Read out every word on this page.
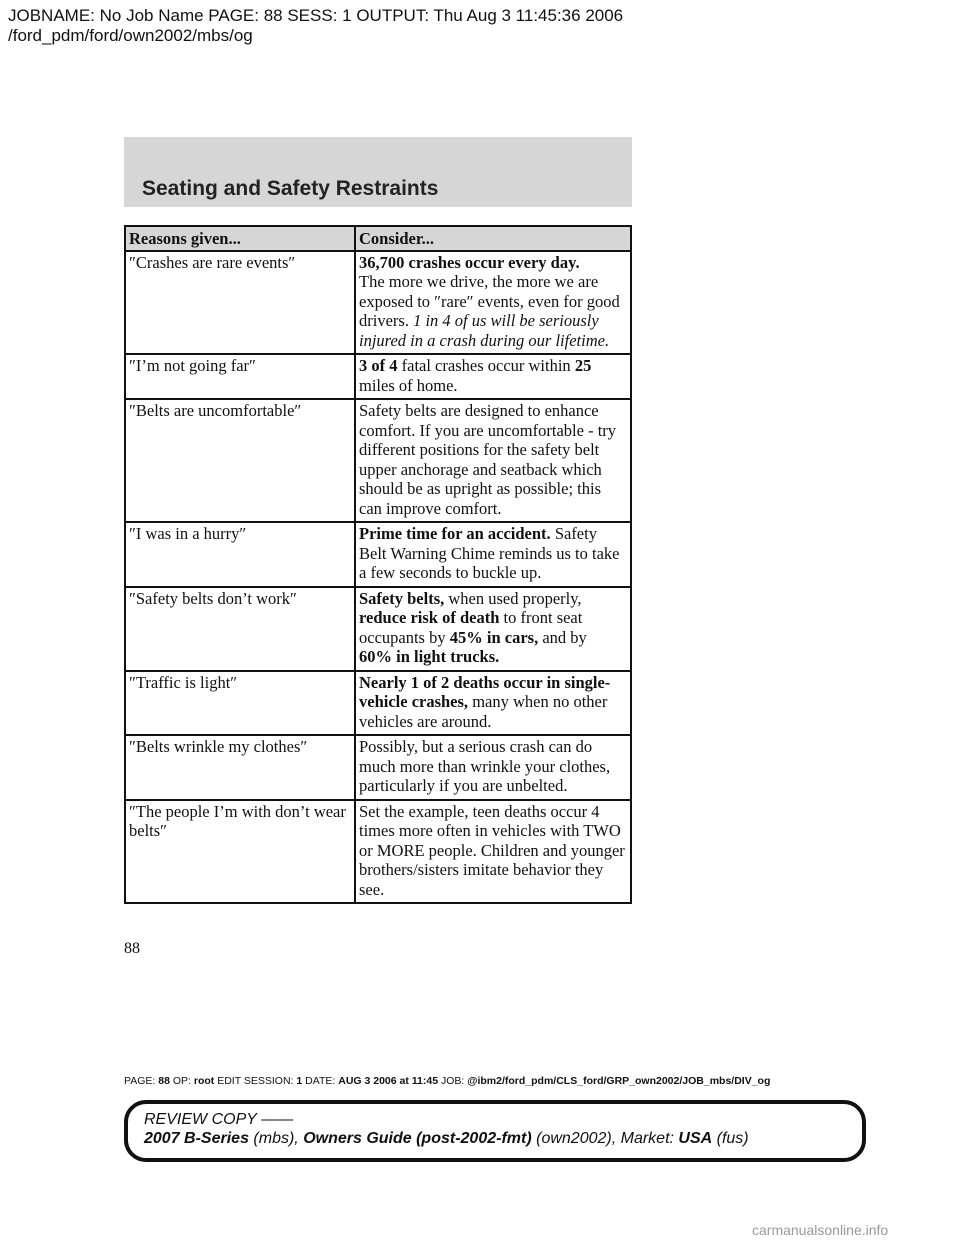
JOBNAME: No Job Name PAGE: 88 SESS: 1 OUTPUT: Thu Aug 3 11:45:36 2006
/ford_pdm/ford/own2002/mbs/og
Seating and Safety Restraints
Reasons given...	Consider...
″Crashes are rare events″	36,700 crashes occur every day.
The more we drive, the more we are exposed to ″rare″ events, even for good drivers. 1 in 4 of us will be seriously injured in a crash during our lifetime.
″I’m not going far″	3 of 4 fatal crashes occur within 25 miles of home.
″Belts are uncomfortable″	Safety belts are designed to enhance comfort. If you are uncomfortable - try different positions for the safety belt upper anchorage and seatback which should be as upright as possible; this can improve comfort.
″I was in a hurry″	Prime time for an accident. Safety Belt Warning Chime reminds us to take a few seconds to buckle up.
″Safety belts don’t work″	Safety belts, when used properly,
reduce risk of death to front seat occupants by 45% in cars, and by
60% in light trucks.
″Traffic is light″	Nearly 1 of 2 deaths occur in single-vehicle crashes, many when no other vehicles are around.
″Belts wrinkle my clothes″	Possibly, but a serious crash can do much more than wrinkle your clothes, particularly if you are unbelted.
″The people I’m with don’t wear belts″	Set the example, teen deaths occur 4 times more often in vehicles with TWO or MORE people. Children and younger brothers/sisters imitate behavior they see.
88
PAGE: 88 OP: root EDIT SESSION: 1 DATE: AUG 3 2006 at 11:45 JOB: @ibm2/ford_pdm/CLS_ford/GRP_own2002/JOB_mbs/DIV_og
REVIEW COPY ——
2007 B-Series (mbs), Owners Guide (post-2002-fmt) (own2002), Market: USA (fus)
carmanualsonline.info
